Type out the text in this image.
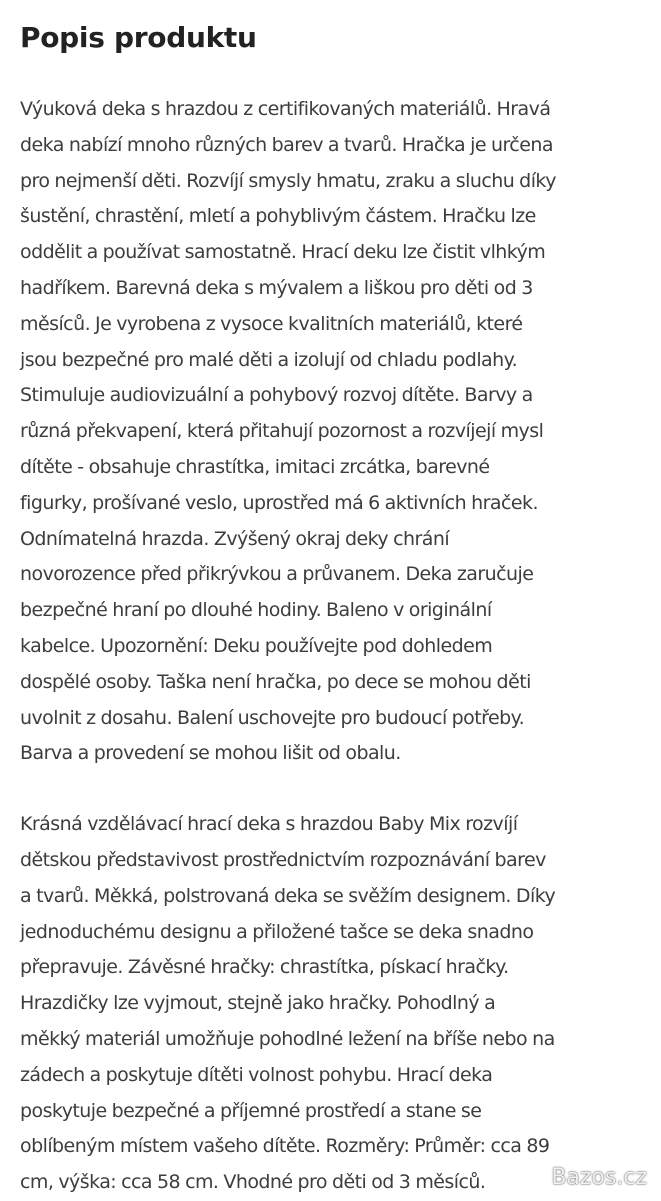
Popis produktu

Výuková deka s hrazdou z certifikovaných materiálů. Hravá
deka nabízí mnoho různých barev a tvarů. Hračka je určena
pro nejmenší děti. Rozvíjí smysly hmatu, zraku a sluchu díky
šustění, chrastění, mletí a pohyblivým částem. Hračku lze
oddělit a používat samostatně. Hrací deku lze čistit vlhkým
hadříkem. Barevná deka s mývalem a liškou pro děti od 3
měsíců. Je vyrobena z vysoce kvalitních materiálů, které
jsou bezpečné pro malé děti a izolují od chladu podlahy.
Stimuluje audiovizuální a pohybový rozvoj dítěte. Barvy a
různá překvapení, která přitahují pozornost a rozvíjejí mysl
dítěte - obsahuje chrastítka, imitaci zrcátka, barevné
figurky, prošívané veslo, uprostřed má 6 aktivních hraček.
Odnímatelná hrazda. Zvýšený okraj deky chrání
novorozence před přikrývkou a průvanem. Deka zaručuje
bezpečné hraní po dlouhé hodiny. Baleno v originální
kabelce. Upozornění: Deku používejte pod dohledem
dospělé osoby. Taška není hračka, po dece se mohou děti
uvolnit z dosahu. Balení uschovejte pro budoucí potřeby.
Barva a provedení se mohou lišit od obalu.

Krásná vzdělávací hrací deka s hrazdou Baby Mix rozvíjí
dětskou představivost prostřednictvím rozpoznávání barev
a tvarů. Měkká, polstrovaná deka se svěžím designem. Díky
jednoduchému designu a přiložené tašce se deka snadno
přepravuje. Závěsné hračky: chrastítka, pískací hračky.
Hrazdičky lze vyjmout, stejně jako hračky. Pohodlný a
měkký materiál umožňuje pohodlné ležení na bříše nebo na
zádech a poskytuje dítěti volnost pohybu. Hrací deka
poskytuje bezpečné a příjemné prostředí a stane se
oblíbeným místem vašeho dítěte. Rozměry: Průměr: cca 89
cm, výška: cca 58 cm. Vhodné pro děti od 3 měsíců.	Bazos.cz
